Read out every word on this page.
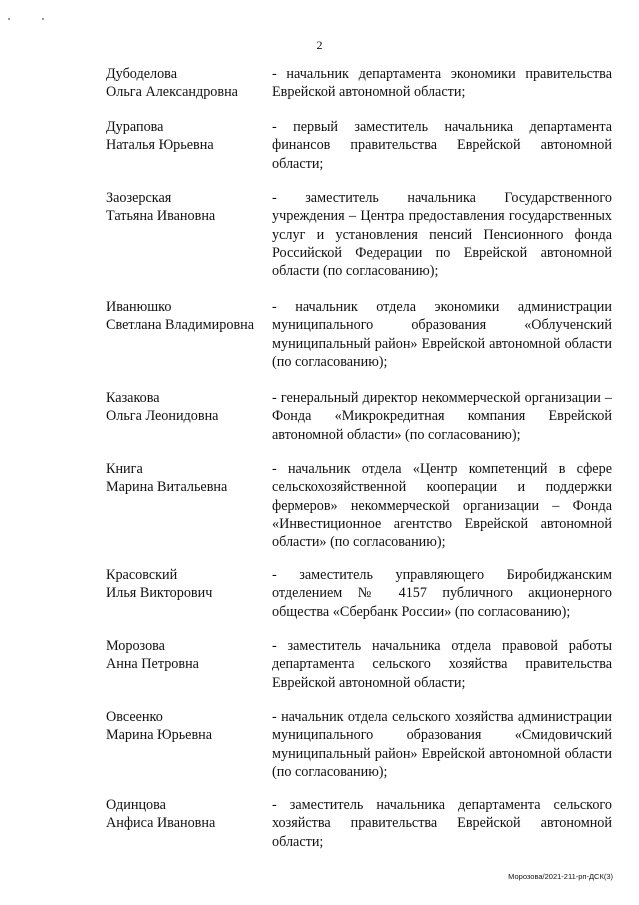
2
Дубоделова
Ольга Александровна
- начальник департамента экономики правительства Еврейской автономной области;
Дурапова
Наталья Юрьевна
- первый заместитель начальника департамента финансов правительства Еврейской автономной области;
Заозерская
Татьяна Ивановна
- заместитель начальника Государственного учреждения – Центра предоставления государственных услуг и установления пенсий Пенсионного фонда Российской Федерации по Еврейской автономной области (по согласованию);
Иванюшко
Светлана Владимировна
- начальник отдела экономики администрации муниципального образования «Облученский муниципальный район» Еврейской автономной области (по согласованию);
Казакова
Ольга Леонидовна
- генеральный директор некоммерческой организации – Фонда «Микрокредитная компания Еврейской автономной области» (по согласованию);
Книга
Марина Витальевна
- начальник отдела «Центр компетенций в сфере сельскохозяйственной кооперации и поддержки фермеров» некоммерческой организации – Фонда «Инвестиционное агентство Еврейской автономной области» (по согласованию);
Красовский
Илья Викторович
- заместитель управляющего Биробиджанским отделением № 4157 публичного акционерного общества «Сбербанк России» (по согласованию);
Морозова
Анна Петровна
- заместитель начальника отдела правовой работы департамента сельского хозяйства правительства Еврейской автономной области;
Овсеенко
Марина Юрьевна
- начальник отдела сельского хозяйства администрации муниципального образования «Смидовичский муниципальный район» Еврейской автономной области (по согласованию);
Одинцова
Анфиса Ивановна
- заместитель начальника департамента сельского хозяйства правительства Еврейской автономной области;
Морозова/2021-211-рп-ДСК(3)
